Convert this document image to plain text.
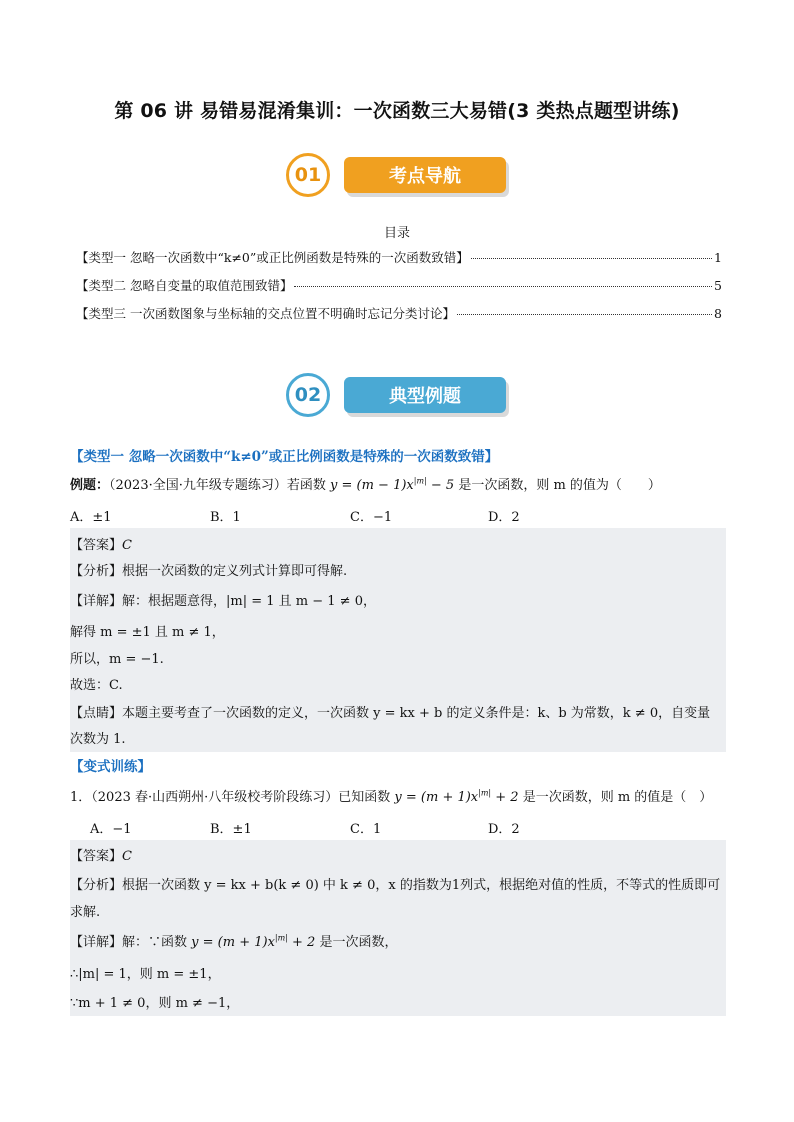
第 06 讲 易错易混淆集训：一次函数三大易错(3 类热点题型讲练)
01	考点导航
目录
【类型一 忽略一次函数中“k≠0”或正比例函数是特殊的一次函数致错】	1
【类型二 忽略自变量的取值范围致错】	5
【类型三 一次函数图象与坐标轴的交点位置不明确时忘记分类讨论】	8
02	典型例题
【类型一 忽略一次函数中“k≠0”或正比例函数是特殊的一次函数致错】
例题：（2023·全国·九年级专题练习）若函数 $y = (m - 1)x^{|m|} - 5$ 是一次函数，则 m 的值为（　　）
A．±1	B．1	C．−1	D．2
【答案】C
【分析】根据一次函数的定义列式计算即可得解.
【详解】解：根据题意得，|m| = 1 且 m − 1 ≠ 0，
解得 m = ±1 且 m ≠ 1，
所以，m = −1.
故选：C.
【点睛】本题主要考查了一次函数的定义，一次函数 y = kx + b 的定义条件是：k、b 为常数，k ≠ 0，自变量
次数为 1.
【变式训练】
1．（2023 春·山西朔州·八年级校考阶段练习）已知函数 $y = (m + 1)x^{|m|} + 2$ 是一次函数，则 m 的值是（　）
A．−1	B．±1	C．1	D．2
【答案】C
【分析】根据一次函数 y = kx + b(k ≠ 0) 中 k ≠ 0，x 的指数为1列式，根据绝对值的性质，不等式的性质即可
求解.
【详解】解：∵函数 $y = (m + 1)x^{|m|} + 2$ 是一次函数，
∴|m| = 1，则 m = ±1，
∵m + 1 ≠ 0，则 m ≠ −1，
